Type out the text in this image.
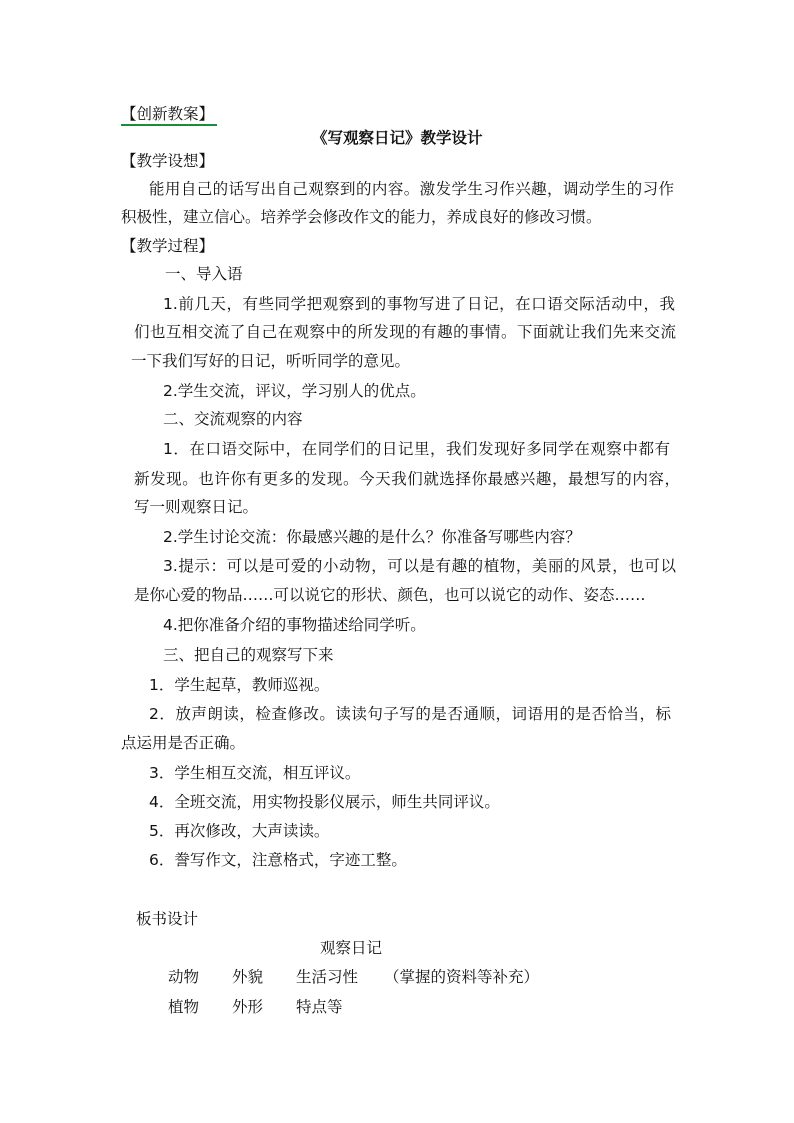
【创新教案】
《写观察日记》教学设计
【教学设想】
能用自己的话写出自己观察到的内容。激发学生习作兴趣，调动学生的习作
积极性，建立信心。培养学会修改作文的能力，养成良好的修改习惯。
【教学过程】
一、导入语
1.前几天，有些同学把观察到的事物写进了日记，在口语交际活动中，我
们也互相交流了自己在观察中的所发现的有趣的事情。下面就让我们先来交流
一下我们写好的日记，听听同学的意见。
2.学生交流，评议，学习别人的优点。
二、交流观察的内容
1．在口语交际中，在同学们的日记里，我们发现好多同学在观察中都有
新发现。也许你有更多的发现。今天我们就选择你最感兴趣，最想写的内容，
写一则观察日记。
2.学生讨论交流：你最感兴趣的是什么？你准备写哪些内容？
3.提示：可以是可爱的小动物，可以是有趣的植物，美丽的风景，也可以
是你心爱的物品……可以说它的形状、颜色，也可以说它的动作、姿态……
4.把你准备介绍的事物描述给同学听。
三、把自己的观察写下来
1．学生起草，教师巡视。
2．放声朗读，检查修改。读读句子写的是否通顺，词语用的是否恰当，标
点运用是否正确。
3．学生相互交流，相互评议。
4．全班交流，用实物投影仪展示，师生共同评议。
5．再次修改，大声读读。
6．誊写作文，注意格式，字迹工整。
板书设计
观察日记
动物 外貌 生活习性 （掌握的资料等补充）
植物 外形 特点等
